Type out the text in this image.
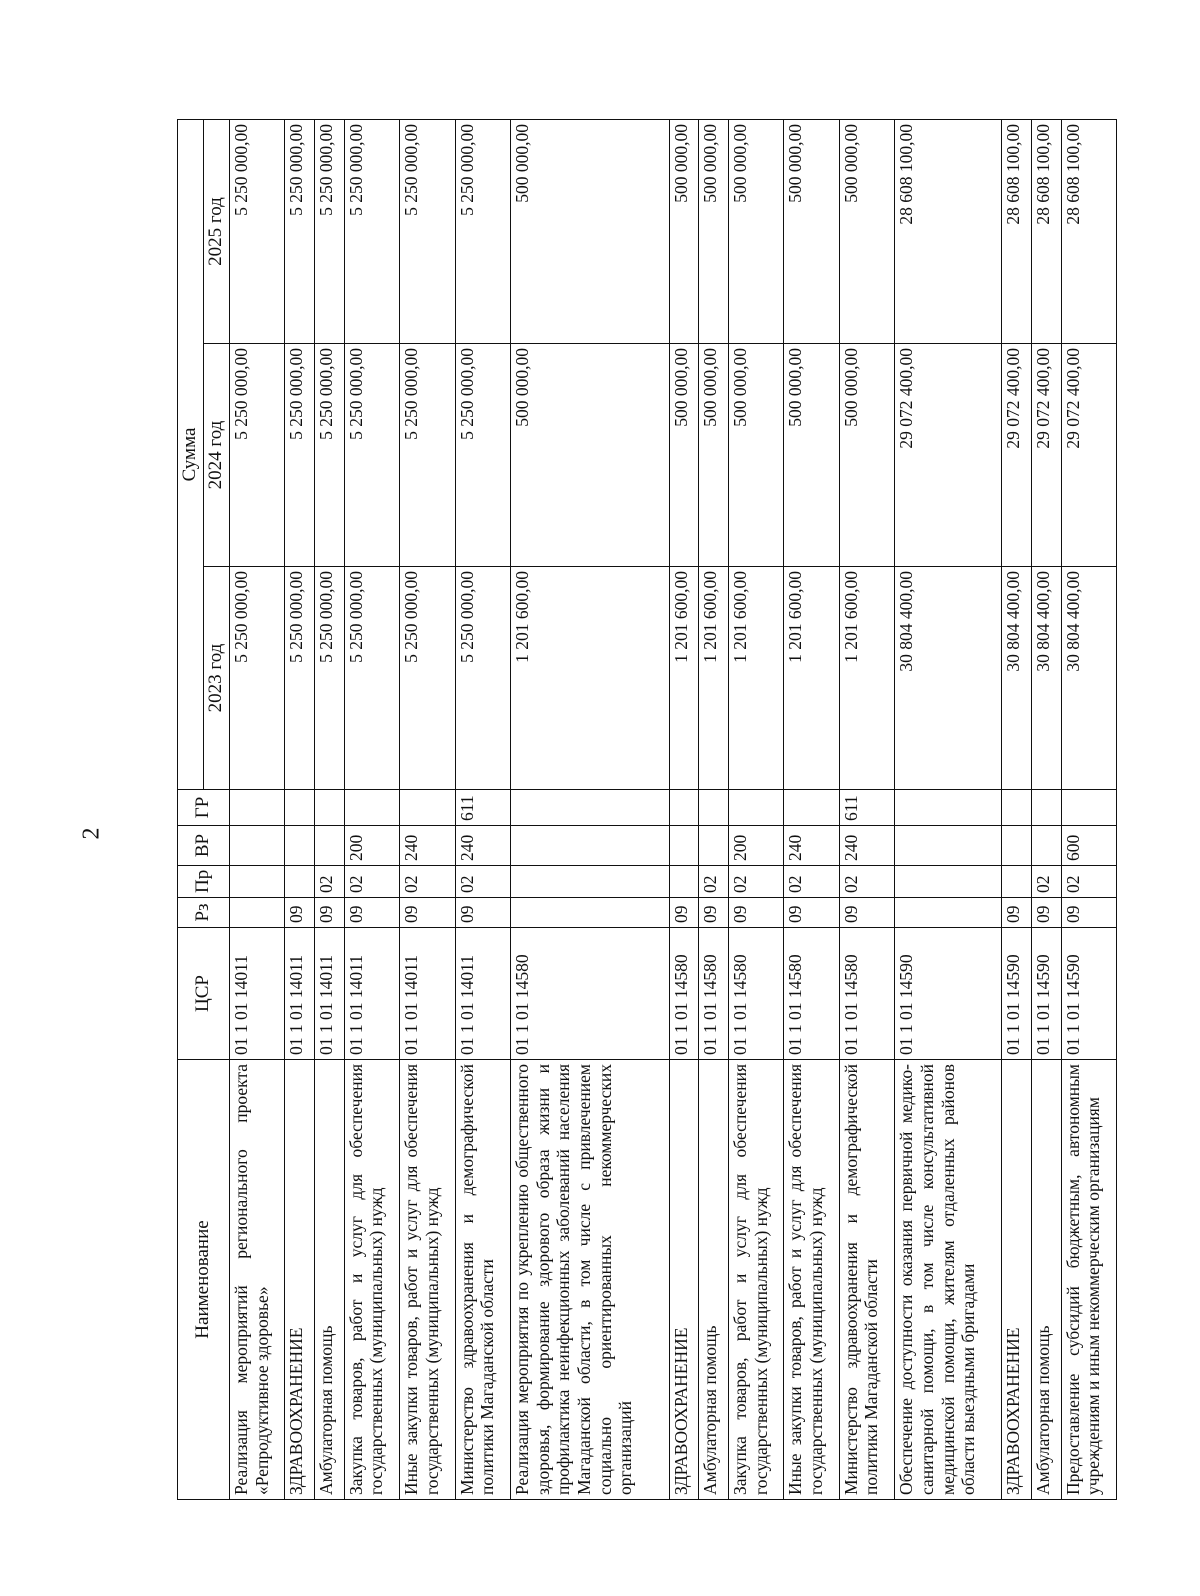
2
Наименование	ЦСР	Рз	Пр	ВР	ГР	Сумма		
						2023 год	2024 год	2025 год
Реализация мероприятий регионального проекта «Репродуктивное здоровье»	01 1 01 14011					5 250 000,00	5 250 000,00	5 250 000,00
ЗДРАВООХРАНЕНИЕ	01 1 01 14011	09				5 250 000,00	5 250 000,00	5 250 000,00
Амбулаторная помощь	01 1 01 14011	09	02			5 250 000,00	5 250 000,00	5 250 000,00
Закупка товаров, работ и услуг для обеспечения государственных (муниципальных) нужд	01 1 01 14011	09	02	200		5 250 000,00	5 250 000,00	5 250 000,00
Иные закупки товаров, работ и услуг для обеспечения государственных (муниципальных) нужд	01 1 01 14011	09	02	240		5 250 000,00	5 250 000,00	5 250 000,00
Министерство здравоохранения и демографической политики Магаданской области	01 1 01 14011	09	02	240	611	5 250 000,00	5 250 000,00	5 250 000,00
Реализация мероприятия по укреплению общественного здоровья, формирование здорового образа жизни и профилактика неинфекционных заболеваний населения Магаданской области, в том числе с привлечением социально ориентированных некоммерческих организаций	01 1 01 14580					1 201 600,00	500 000,00	500 000,00
ЗДРАВООХРАНЕНИЕ	01 1 01 14580	09				1 201 600,00	500 000,00	500 000,00
Амбулаторная помощь	01 1 01 14580	09	02			1 201 600,00	500 000,00	500 000,00
Закупка товаров, работ и услуг для обеспечения государственных (муниципальных) нужд	01 1 01 14580	09	02	200		1 201 600,00	500 000,00	500 000,00
Иные закупки товаров, работ и услуг для обеспечения государственных (муниципальных) нужд	01 1 01 14580	09	02	240		1 201 600,00	500 000,00	500 000,00
Министерство здравоохранения и демографической политики Магаданской области	01 1 01 14580	09	02	240	611	1 201 600,00	500 000,00	500 000,00
Обеспечение доступности оказания первичной медико-санитарной помощи, в том числе консультативной медицинской помощи, жителям отдаленных районов области выездными бригадами	01 1 01 14590					30 804 400,00	29 072 400,00	28 608 100,00
ЗДРАВООХРАНЕНИЕ	01 1 01 14590	09				30 804 400,00	29 072 400,00	28 608 100,00
Амбулаторная помощь	01 1 01 14590	09	02			30 804 400,00	29 072 400,00	28 608 100,00
Предоставление субсидий бюджетным, автономным учреждениям и иным некоммерческим организациям	01 1 01 14590	09	02	600		30 804 400,00	29 072 400,00	28 608 100,00
